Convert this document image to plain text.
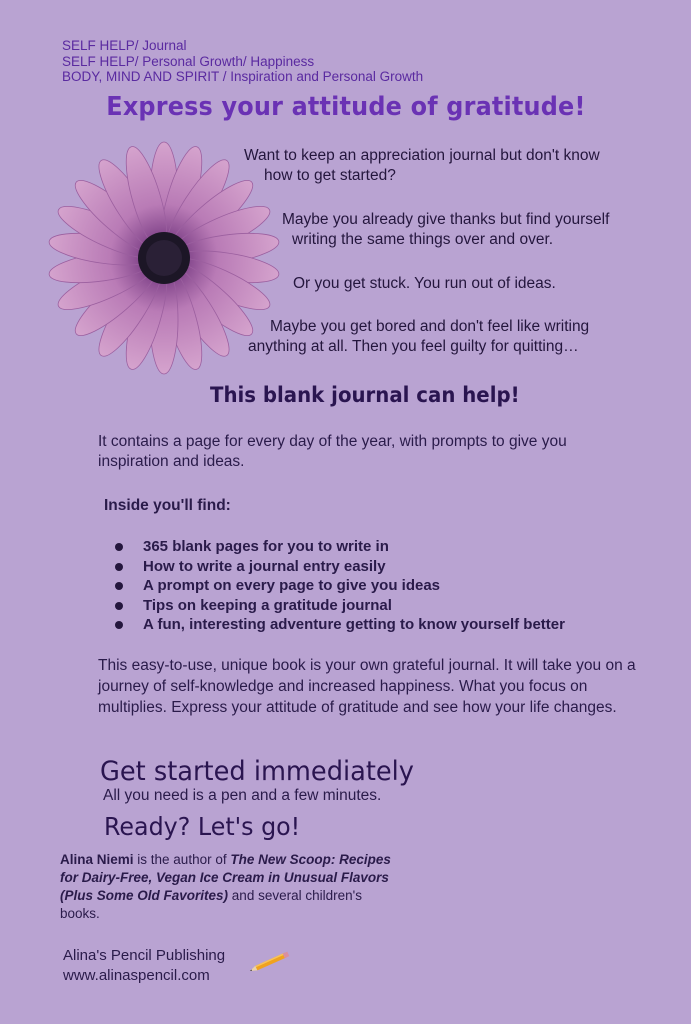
SELF HELP/ Journal
SELF HELP/ Personal Growth/ Happiness
BODY, MIND AND SPIRIT / Inspiration and Personal Growth
Express your attitude of gratitude!
Want to keep an appreciation journal but don't know
how to get started?
Maybe you already give thanks but find yourself
writing the same things over and over.
Or you get stuck. You run out of ideas.
Maybe you get bored and don't feel like writing
anything at all. Then you feel guilty for quitting…
This blank journal can help!
It contains a page for every day of the year, with prompts to give you inspiration and ideas.
Inside you'll find:
365 blank pages for you to write in
How to write a journal entry easily
A prompt on every page to give you ideas
Tips on keeping a gratitude journal
A fun, interesting adventure getting to know yourself better
This easy-to-use, unique book is your own grateful journal. It will take you on a journey of self-knowledge and increased happiness. What you focus on multiplies. Express your attitude of gratitude and see how your life changes.
Get started immediately
All you need is a pen and a few minutes.
Ready? Let's go!
Alina Niemi is the author of The New Scoop: Recipes for Dairy-Free, Vegan Ice Cream in Unusual Flavors (Plus Some Old Favorites) and several children's books.
Alina's Pencil Publishing
www.alinaspencil.com
